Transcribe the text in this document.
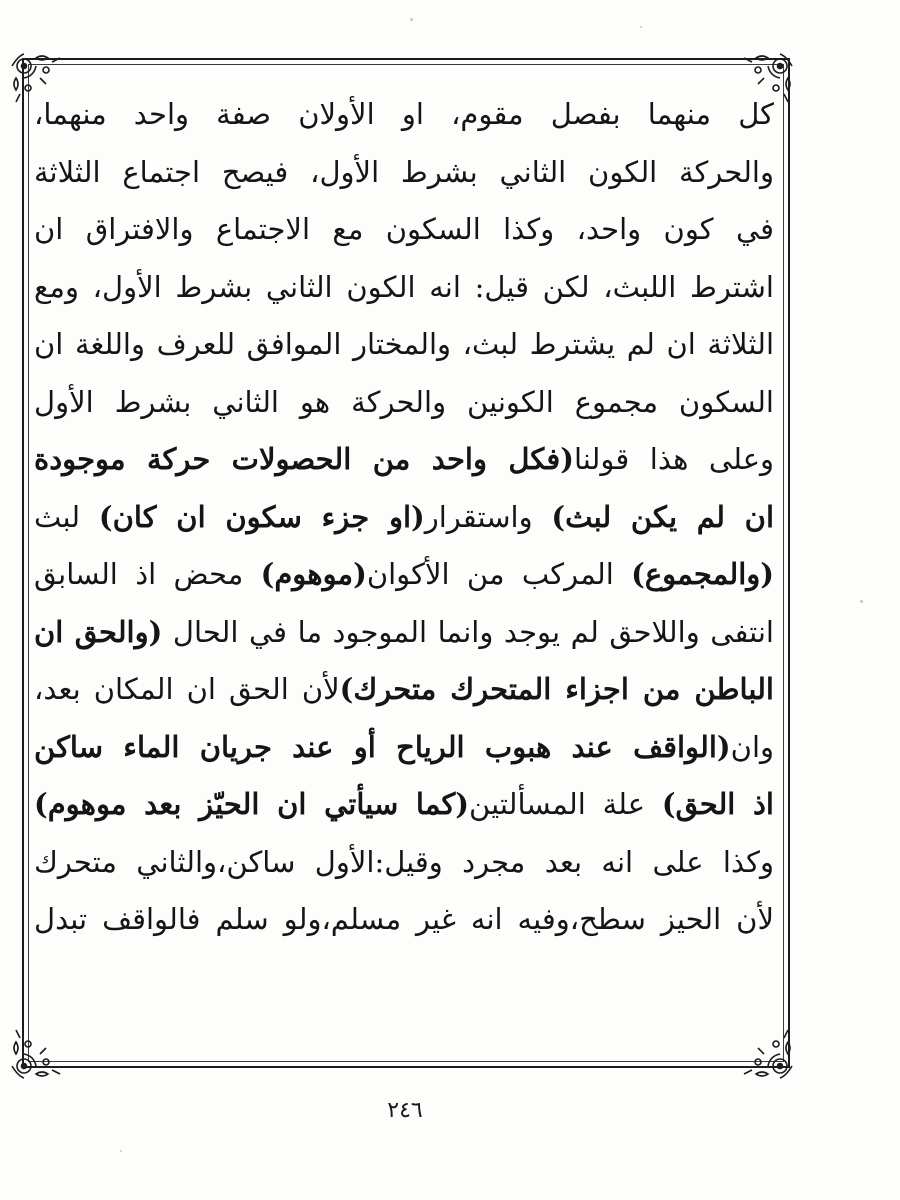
كل منهما بفصل مقوم، او الأولان صفة واحد منهما،
والحركة الكون الثاني بشرط الأول، فيصح اجتماع الثلاثة
في كون واحد، وكذا السكون مع الاجتماع والافتراق ان
اشترط اللبث، لكن قيل: انه الكون الثاني بشرط الأول، ومع
الثلاثة ان لم يشترط لبث، والمختار الموافق للعرف واللغة ان
السكون مجموع الكونين والحركة هو الثاني بشرط الأول
وعلى هذا قولنا(فكل واحد من الحصولات حركة موجودة
ان لم يكن لبث) واستقرار(او جزء سكون ان كان) لبث
(والمجموع) المركب من الأكوان(موهوم) محض اذ السابق
انتفى واللاحق لم يوجد وانما الموجود ما في الحال (والحق ان
الباطن من اجزاء المتحرك متحرك)لأن الحق ان المكان بعد،
وان(الواقف عند هبوب الرياح أو عند جريان الماء ساكن
اذ الحق) علة المسألتين(كما سيأتي ان الحيّز بعد موهوم)
وكذا على انه بعد مجرد وقيل:الأول ساكن،والثاني متحرك
لأن الحيز سطح،وفيه انه غير مسلم،ولو سلم فالواقف تبدل
٢٤٦
